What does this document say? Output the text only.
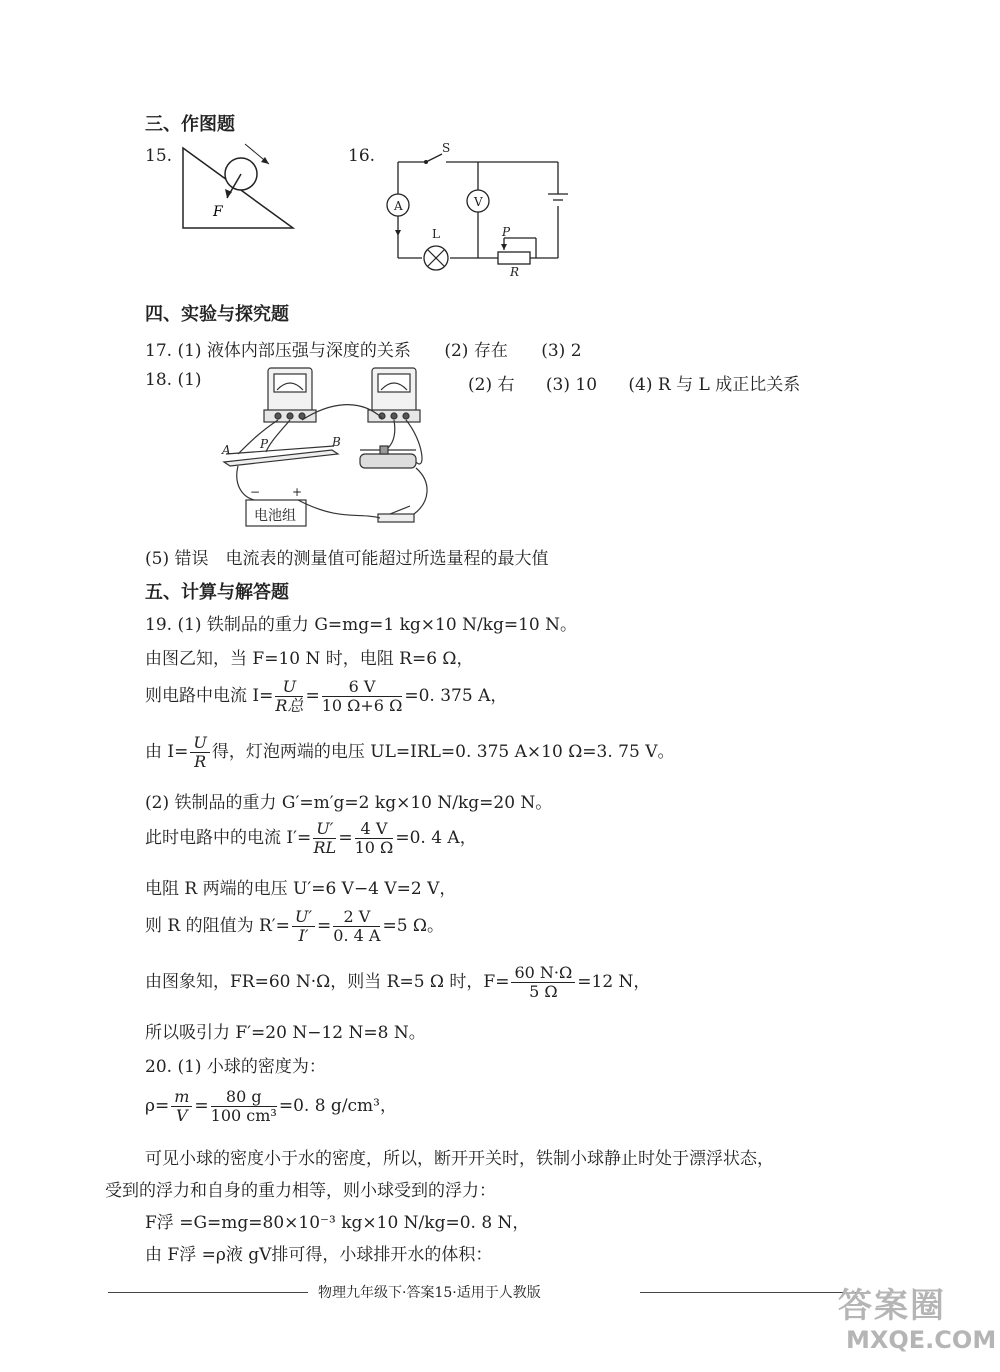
三、作图题
15.
F
16.	S
A	V
L	P
R
四、实验与探究题
17. (1) 液体内部压强与深度的关系 (2) 存在 (3) 2
18. (1)	(2) 右 (3) 10 (4) R 与 L 成正比关系
A P	B
−	+
电池组
(5) 错误　电流表的测量值可能超过所选量程的最大值
五、计算与解答题
19. (1) 铁制品的重力 G=mg=1 kg×10 N/kg=10 N。
由图乙知，当 F=10 N 时，电阻 R=6 Ω，
则电路中电流 $I= \frac{U}{\text{R总}} = \frac{6 V}{10 \Omega+6 \Omega} =0$. 375 A，
由 $I= \frac{U}{R}$ 得，灯泡两端的电压 UL=IRL=0. 375 A×10 Ω=3. 75 V。
(2) 铁制品的重力 G′=m′g=2 kg×10 N/kg=20 N。
此时电路中的电流 $I'= \frac{U'}{RL} = \frac{4 V}{10 \Omega} =0$. 4 A，
电阻 R 两端的电压 U′=6 V−4 V=2 V，
则 R 的阻值为 $R'= \frac{U'}{I'} = \frac{2 V}{0. 4 A} =5$ Ω。
由图象知，FR=60 N·Ω，则当 R=5 Ω 时，$F= \frac{60 N\cdot\Omega}{5 \Omega} =12$ N，
所以吸引力 F′=20 N−12 N=8 N。
20. (1) 小球的密度为：
$\rho= \frac{m}{V} = \frac{80 g}{\text{100 cm³}} =0$. 8 g/cm³，
可见小球的密度小于水的密度，所以，断开开关时，铁制小球静止时处于漂浮状态，
受到的浮力和自身的重力相等，则小球受到的浮力：
F浮 =G=mg=80×10⁻³ kg×10 N/kg=0. 8 N，
由 F浮 =ρ液 gV排可得，小球排开水的体积：
物理九年级下·答案15·适用于人教版	答案圈
MXQE.COM
